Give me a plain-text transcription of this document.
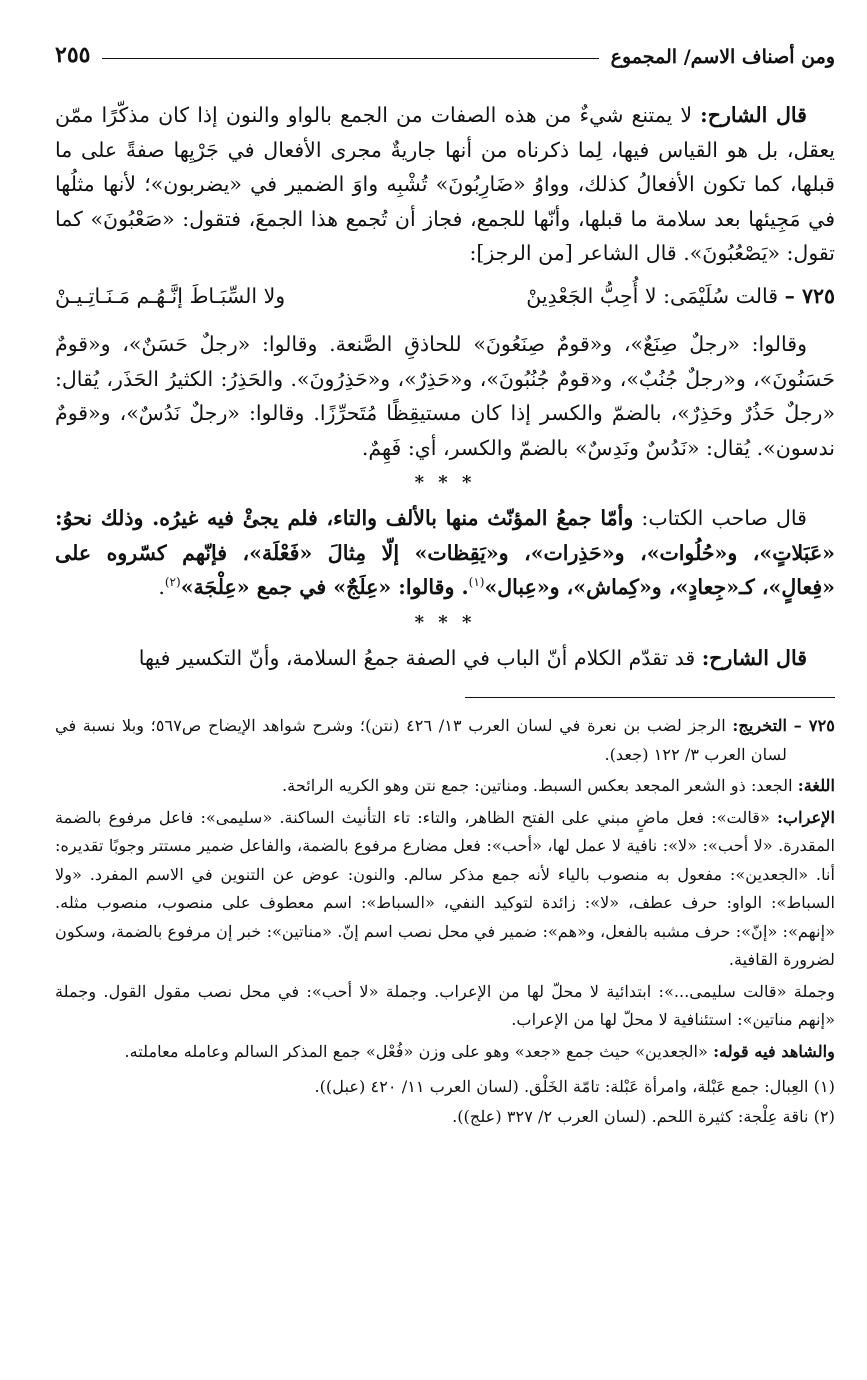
ومن أصناف الاسم/ المجموع
٢٥٥

قال الشارح: لا يمتنع شيءٌ من هذه الصفات من الجمع بالواو والنون إذا كان مذكّرًا ممّن يعقل، بل هو القياس فيها، لِما ذكرناه من أنها جاريةٌ مجرى الأفعال في جَرْيِها صفةً على ما قبلها، كما تكون الأفعالُ كذلك، وواوُ «ضَارِبُونَ» تُشْبِه واوَ الضمير في «يضربون»؛ لأنها مثلُها في مَجِيئها بعد سلامة ما قبلها، وأنّها للجمع، فجاز أن تُجمع هذا الجمعَ، فتقول: «صَعْبُونَ» كما تقول: «يَصْعُبُونَ». قال الشاعر [من الرجز]:

٧٢٥ – قالت سُلَيْمَى: لا أُحِبُّ الجَعْدِينْ
ولا السِّبَـاطَ إنَّـهُـم مَـنَـاتِـيـنْ

وقالوا: «رجلٌ صِنَعٌ»، و«قومٌ صِنَعُونَ» للحاذقِ الصَّنعة. وقالوا: «رجلٌ حَسَنٌ»، و«قومٌ حَسَنُونَ»، و«رجلٌ جُنُبٌ»، و«قومٌ جُنُبُونَ»، و«حَذِرٌ»، و«حَذِرُونَ». والحَذِرُ: الكثيرُ الحَذَر، يُقال: «رجلٌ حَذُرٌ وحَذِرٌ»، بالضمّ والكسر إذا كان مستيقِظًا مُتَحرِّزًا. وقالوا: «رجلٌ نَدُسٌ»، و«قومٌ ندسون». يُقال: «نَدُسٌ ونَدِسٌ» بالضمّ والكسر، أي: فَهِمٌ.

* * *

قال صاحب الكتاب: وأمّا جمعُ المؤنّث منها بالألف والتاء، فلم يجئْ فيه غيرُه. وذلك نحوُ: «عَبَلاتٍ»، و«حُلُوات»، و«حَذِرات»، و«يَقِظات» إلّا مِثالَ «فَعْلَة»، فإنّهم كسّروه على «فِعالٍ»، كـ«جِعادٍ»، و«كِماش»، و«عِبال»$^{(١)}$. وقالوا: «عِلَجٌ» في جمع «عِلْجَة»$^{(٢)}$.

* * *

قال الشارح: قد تقدّم الكلام أنّ الباب في الصفة جمعُ السلامة، وأنّ التكسير فيها

٧٢٥ – التخريج: الرجز لضب بن نعرة في لسان العرب ١٣/ ٤٢٦ (نتن)؛ وشرح شواهد الإيضاح ص٥٦٧؛ وبلا نسبة في لسان العرب ٣/ ١٢٢ (جعد).

اللغة: الجعد: ذو الشعر المجعد بعكس السبط. ومناتين: جمع نتن وهو الكريه الرائحة.

الإعراب: «قالت»: فعل ماضٍ مبني على الفتح الظاهر، والتاء: تاء التأنيث الساكنة. «سليمى»: فاعل مرفوع بالضمة المقدرة. «لا أحب»: «لا»: نافية لا عمل لها، «أحب»: فعل مضارع مرفوع بالضمة، والفاعل ضمير مستتر وجوبًا تقديره: أنا. «الجعدين»: مفعول به منصوب بالياء لأنه جمع مذكر سالم. والنون: عوض عن التنوين في الاسم المفرد. «ولا السباط»: الواو: حرف عطف، «لا»: زائدة لتوكيد النفي، «السباط»: اسم معطوف على منصوب، منصوب مثله. «إنهم»: «إنّ»: حرف مشبه بالفعل، و«هم»: ضمير في محل نصب اسم إنّ. «مناتين»: خبر إن مرفوع بالضمة، وسكون لضرورة القافية.

وجملة «قالت سليمى...»: ابتدائية لا محلّ لها من الإعراب. وجملة «لا أحب»: في محل نصب مقول القول. وجملة «إنهم مناتين»: استئنافية لا محلّ لها من الإعراب.

والشاهد فيه قوله: «الجعدين» حيث جمع «جعد» وهو على وزن «فُعْل» جمع المذكر السالم وعامله معاملته.

(١) العِبال: جمع عَبْلة، وامرأة عَبْلة: تامّة الخَلْق. (لسان العرب ١١/ ٤٢٠ (عبل)).

(٢) ناقة عِلْجة: كثيرة اللحم. (لسان العرب ٢/ ٣٢٧ (علج)).
